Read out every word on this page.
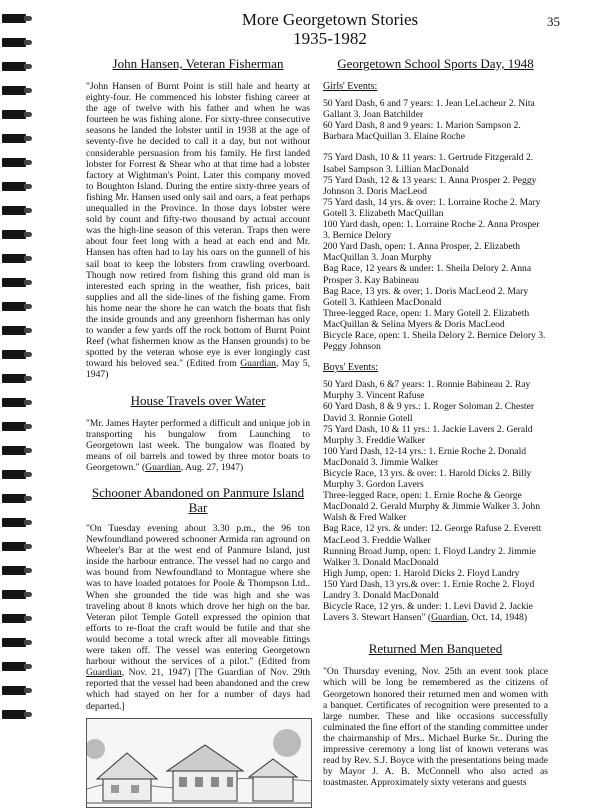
More Georgetown Stories
1935-1982
35
John Hansen, Veteran Fisherman

"John Hansen of Burnt Point is still hale and hearty at eighty-four. He commenced his lobster fishing career at the age of twelve with his father and when he was fourteen he was fishing alone. For sixty-three consecutive seasons he landed the lobster until in 1938 at the age of seventy-five he decided to call it a day, but not without considerable persuasion from his family. He first landed lobster for Forrest & Shear who at that time had a lobster factory at Wightman's Point. Later this company moved to Boughton Island. During the entire sixty-three years of fishing Mr. Hansen used only sail and oars, a feat perhaps unequalled in the Province. In those days lobster were sold by count and fifty-two thousand by actual account was the high-line season of this veteran. Traps then were about four feet long with a head at each end and Mr. Hansen has often had to lay his oars on the gunnell of his sail boat to keep the lobsters from crawling overboard. Though now retired from fishing this grand old man is interested each spring in the weather, fish prices, bait supplies and all the side-lines of the fishing game. From his home near the shore he can watch the boats that fish the inside grounds and any greenhorn fisherman has only to wander a few yards off the rock bottom of Burnt Point Reef (what fishermen know as the Hansen grounds) to be spotted by the veteran whose eye is ever longingly cast toward his beloved sea." (Edited from Guardian, May 5, 1947)

House Travels over Water

"Mr. James Hayter performed a difficult and unique job in transporting his bungalow from Launching to Georgetown last week. The bungalow was floated by means of oil barrels and towed by three motor boats to Georgetown." (Guardian, Aug. 27, 1947)

Schooner Abandoned on Panmure Island
Bar

"On Tuesday evening about 3.30 p.m., the 96 ton Newfoundland powered schooner Armida ran aground on Wheeler's Bar at the west end of Panmure Island, just inside the harbour entrance. The vessel had no cargo and was bound from Newfoundland to Montague where she was to have loaded potatoes for Poole & Thompson Ltd.. When she grounded the tide was high and she was traveling about 8 knots which drove her high on the bar. Veteran pilot Temple Gotell expressed the opinion that efforts to re-float the craft would be futile and that she would become a total wreck after all moveable fittings were taken off. The vessel was entering Georgetown harbour without the services of a pilot." (Edited from Guardian, Nov. 21, 1947) [The Guardian of Nov. 29th reported that the vessel had been abandoned and the crew which had stayed on her for a number of days had departed.]

Georgetown School Sports Day, 1948
Girls' Events:

50 Yard Dash, 6 and 7 years: 1. Jean LeLacheur 2. Nita Gallant 3. Joan Batchilder

60 Yard Dash, 8 and 9 years: 1. Marion Sampson 2. Barbara MacQuillan 3. Elaine Roche

75 Yard Dash, 10 & 11 years: 1. Gertrude Fitzgerald 2. Isabel Sampson 3. Lillian MacDonald

75 Yard Dash, 12 & 13 years: 1. Anna Prosper 2. Peggy Johnson 3. Doris MacLeod

75 Yard dash, 14 yrs. & over: 1. Lorraine Roche 2. Mary Gotell 3. Elizabeth MacQuillan

100 Yard dash, open: 1. Lorraine Roche 2. Anna Prosper 3. Bernice Delory

200 Yard Dash, open: 1. Anna Prosper, 2. Elizabeth MacQuillan 3. Joan Murphy

Bag Race, 12 years & under: 1. Sheila Delory 2. Anna Prosper 3. Kay Babineau

Bag Race, 13 yrs. & over; 1. Doris MacLeod 2. Mary Gotell 3. Kathleen MacDonald

Three-legged Race, open: 1. Mary Gotell 2. Elizabeth MacQuillan & Selina Myers & Doris MacLeod

Bicycle Race, open: 1. Sheila Delory 2. Bernice Delory 3. Peggy Johnson

Boys' Events:

50 Yard Dash, 6 &7 years: 1. Ronnie Babineau 2. Ray Murphy 3. Vincent Rafuse

60 Yard Dash, 8 & 9 yrs.: 1. Roger Soloman 2. Chester David 3. Ronnie Gotell

75 Yard Dash, 10 & 11 yrs.: 1. Jackie Lavers 2. Gerald Murphy 3. Freddie Walker

100 Yard Dash, 12-14 yrs.: 1. Ernie Roche 2. Donald MacDonald 3. Jimmie Walker

Bicycle Race, 13 yrs. & over: 1. Harold Dicks 2. Billy Murphy 3. Gordon Lavers

Three-legged Race, open: 1. Ernie Roche & George MacDonald 2. Gerald Murphy & Jimmie Walker 3. John Walsh & Fred Walker

Bag Race, 12 yrs. & under: 12. George Rafuse 2. Everett MacLeod 3. Freddie Walker

Running Broad Jump, open: 1. Floyd Landry 2. Jimmie Walker 3. Donald MacDonald

High Jump, open: 1. Harold Dicks 2. Floyd Landry

150 Yard Dash, 13 yrs.& over: 1. Ernie Roche 2. Floyd Landry 3. Donald MacDonald

Bicycle Race, 12 yrs. & under: 1. Levi David 2. Jackie Lavers 3. Stewart Hansen" (Guardian, Oct. 14, 1948)

Returned Men Banqueted

"On Thursday evening, Nov. 25th an event took place which will be long be remembered as the citizens of Georgetown honored their returned men and women with a banquet. Certificates of recognition were presented to a large number. These and like occasions successfully culminated the fine effort of the standing committee under the chairmanship of Mrs.. Michael Burke Sr.. During the impressive ceremony a long list of known veterans was read by Rev. S.J. Boyce with the presentations being made by Mayor J. A. B. McConnell who also acted as toastmaster. Approximately sixty veterans and guests
